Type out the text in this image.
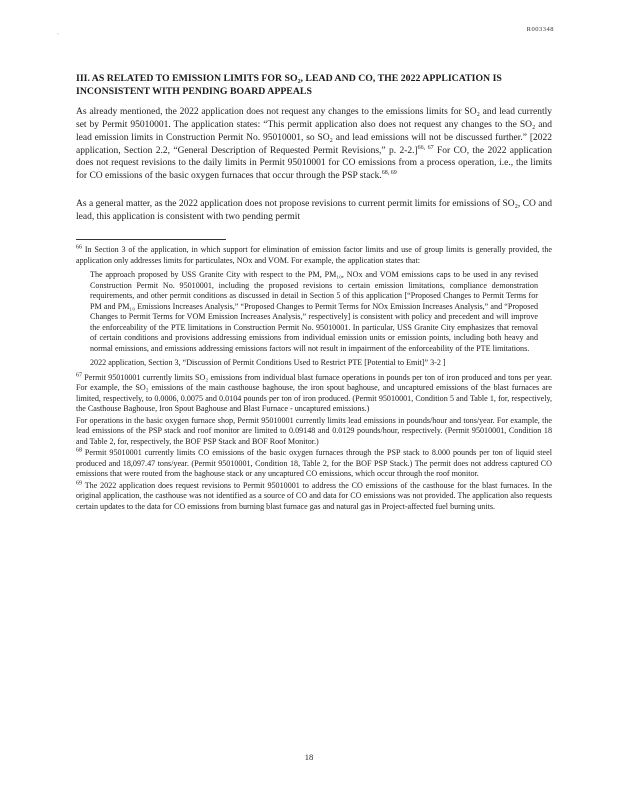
`
R003348
III. AS RELATED TO EMISSION LIMITS FOR SO₂, LEAD AND CO, THE 2022 APPLICATION IS INCONSISTENT WITH PENDING BOARD APPEALS

As already mentioned, the 2022 application does not request any changes to the emissions limits for SO₂ and lead currently set by Permit 95010001. The application states: “This permit application also does not request any changes to the SO₂ and lead emission limits in Construction Permit No. 95010001, so SO₂ and lead emissions will not be discussed further.” [2022 application, Section 2.2, “General Description of Requested Permit Revisions,” p. 2-2.]$^{66, 67}$ For CO, the 2022 application does not request revisions to the daily limits in Permit 95010001 for CO emissions from a process operation, i.e., the limits for CO emissions of the basic oxygen furnaces that occur through the PSP stack.$^{68, 69}$

As a general matter, as the 2022 application does not propose revisions to current permit limits for emissions of SO₂, CO and lead, this application is consistent with two pending permit

$^{66}$ In Section 3 of the application, in which support for elimination of emission factor limits and use of group limits is generally provided, the application only addresses limits for particulates, NOx and VOM. For example, the application states that:
The approach proposed by USS Granite City with respect to the PM, PM₁₀, NOx and VOM emissions caps to be used in any revised Construction Permit No. 95010001, including the proposed revisions to certain emission limitations, compliance demonstration requirements, and other permit conditions as discussed in detail in Section 5 of this application [“Proposed Changes to Permit Terms for PM and PM₁₀ Emissions Increases Analysis,” “Proposed Changes to Permit Terms for NOx Emission Increases Analysis,” and “Proposed Changes to Permit Terms for VOM Emission Increases Analysis,” respectively] is consistent with policy and precedent and will improve the enforceability of the PTE limitations in Construction Permit No. 95010001. In particular, USS Granite City emphasizes that removal of certain conditions and provisions addressing emissions from individual emission units or emission points, including both heavy and normal emissions, and emissions addressing emissions factors will not result in impairment of the enforceability of the PTE limitations.
2022 application, Section 3, “Discussion of Permit Conditions Used to Restrict PTE [Potential to Emit]” 3-2 ]
$^{67}$ Permit 95010001 currently limits SO₂ emissions from individual blast furnace operations in pounds per ton of iron produced and tons per year. For example, the SO₂ emissions of the main casthouse baghouse, the iron spout baghouse, and uncaptured emissions of the blast furnaces are limited, respectively, to 0.0006, 0.0075 and 0.0104 pounds per ton of iron produced. (Permit 95010001, Condition 5 and Table 1, for, respectively, the Casthouse Baghouse, Iron Spout Baghouse and Blast Furnace - uncaptured emissions.)
For operations in the basic oxygen furnace shop, Permit 95010001 currently limits lead emissions in pounds/hour and tons/year. For example, the lead emissions of the PSP stack and roof monitor are limited to 0.09148 and 0.0129 pounds/hour, respectively. (Permit 95010001, Condition 18 and Table 2, for, respectively, the BOF PSP Stack and BOF Roof Monitor.)
$^{68}$ Permit 95010001 currently limits CO emissions of the basic oxygen furnaces through the PSP stack to 8.000 pounds per ton of liquid steel produced and 18,097.47 tons/year. (Permit 95010001, Condition 18, Table 2, for the BOF PSP Stack.) The permit does not address captured CO emissions that were routed from the baghouse stack or any uncaptured CO emissions, which occur through the roof monitor.
$^{69}$ The 2022 application does request revisions to Permit 95010001 to address the CO emissions of the casthouse for the blast furnaces. In the original application, the casthouse was not identified as a source of CO and data for CO emissions was not provided. The application also requests certain updates to the data for CO emissions from burning blast furnace gas and natural gas in Project-affected fuel burning units.
18
